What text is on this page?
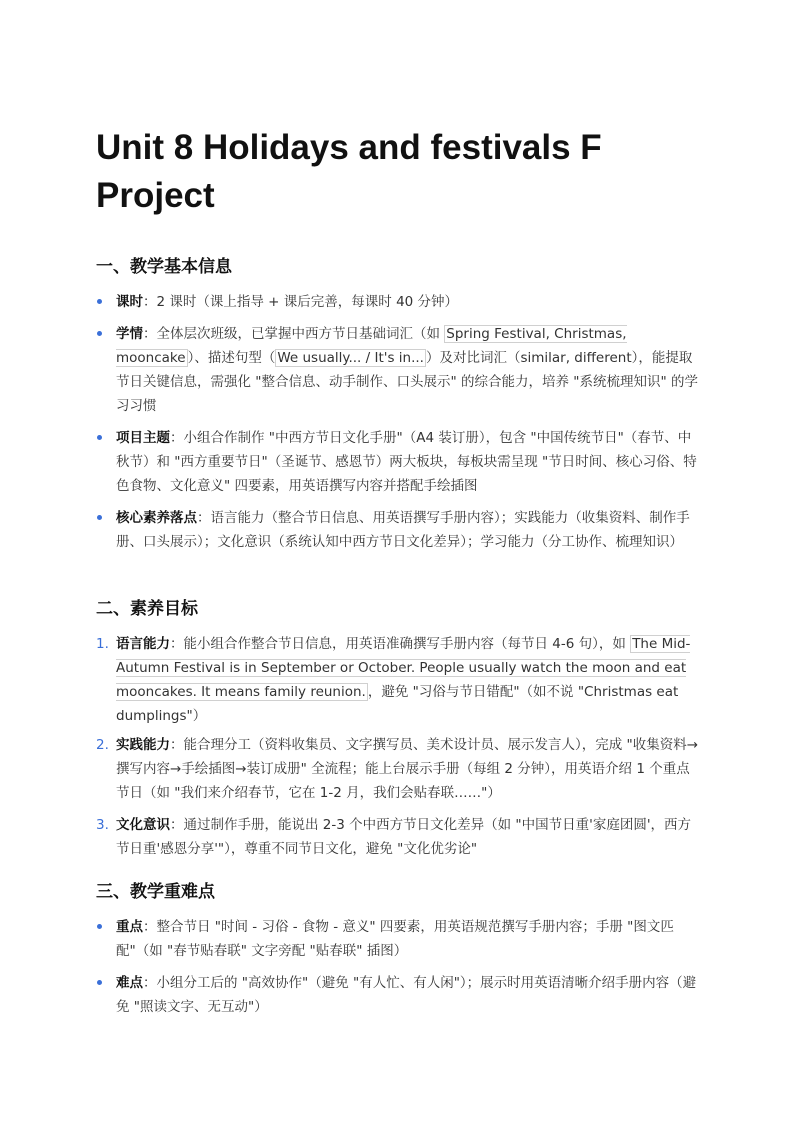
Unit 8 Holidays and festivals F Project
一、教学基本信息
课时：2 课时（课上指导 + 课后完善，每课时 40 分钟）
学情：全体层次班级，已掌握中西方节日基础词汇（如 Spring Festival, Christmas, mooncake ）、描述句型（ We usually... / It's in... ）及对比词汇（similar, different），能提取节日关键信息，需强化 "整合信息、动手制作、口头展示" 的综合能力，培养 "系统梳理知识" 的学习习惯
项目主题：小组合作制作 "中西方节日文化手册"（A4 装订册），包含 "中国传统节日"（春节、中秋节）和 "西方重要节日"（圣诞节、感恩节）两大板块，每板块需呈现 "节日时间、核心习俗、特色食物、文化意义" 四要素，用英语撰写内容并搭配手绘插图
核心素养落点：语言能力（整合节日信息、用英语撰写手册内容）；实践能力（收集资料、制作手册、口头展示）；文化意识（系统认知中西方节日文化差异）；学习能力（分工协作、梳理知识）
二、素养目标
1. 语言能力：能小组合作整合节日信息，用英语准确撰写手册内容（每节日 4-6 句），如 The Mid-Autumn Festival is in September or October. People usually watch the moon and eat mooncakes. It means family reunion. ，避免 "习俗与节日错配"（如不说 "Christmas eat dumplings"）
2. 实践能力：能合理分工（资料收集员、文字撰写员、美术设计员、展示发言人），完成 "收集资料→撰写内容→手绘插图→装订成册" 全流程；能上台展示手册（每组 2 分钟），用英语介绍 1 个重点节日（如 "我们来介绍春节，它在 1-2 月，我们会贴春联……"）
3. 文化意识：通过制作手册，能说出 2-3 个中西方节日文化差异（如 "中国节日重'家庭团圆'，西方节日重'感恩分享'"），尊重不同节日文化，避免 "文化优劣论"
三、教学重难点
重点：整合节日 "时间 - 习俗 - 食物 - 意义" 四要素，用英语规范撰写手册内容；手册 "图文匹配"（如 "春节贴春联" 文字旁配 "贴春联" 插图）
难点：小组分工后的 "高效协作"（避免 "有人忙、有人闲"）；展示时用英语清晰介绍手册内容（避免 "照读文字、无互动"）
